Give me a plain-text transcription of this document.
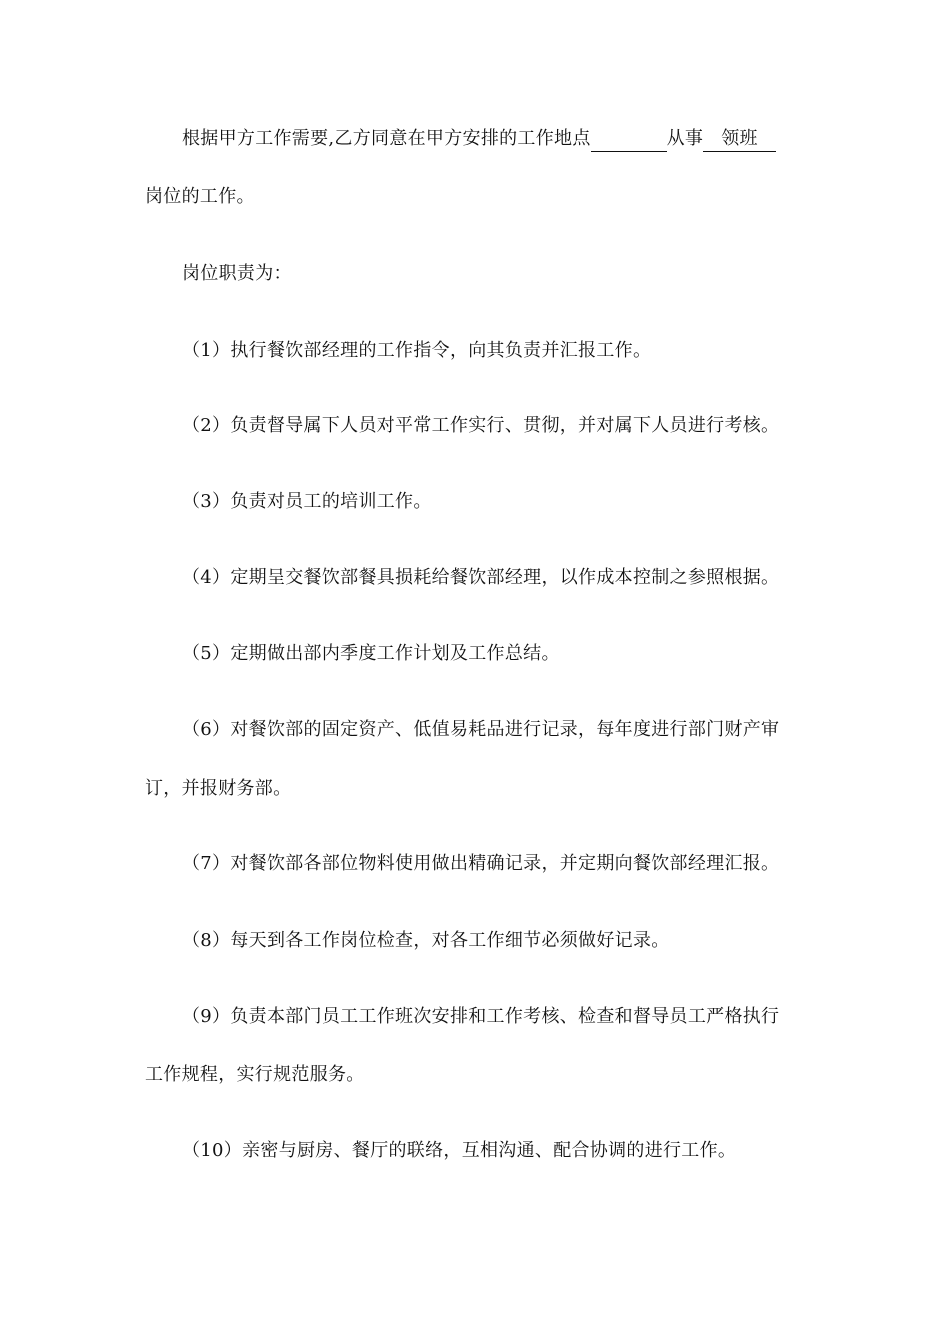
根据甲方工作需要,乙方同意在甲方安排的工作地点	从事 领班
岗位的工作。
岗位职责为：
（1）执行餐饮部经理的工作指令，向其负责并汇报工作。
（2）负责督导属下人员对平常工作实行、贯彻，并对属下人员进行考核。
（3）负责对员工的培训工作。
（4）定期呈交餐饮部餐具损耗给餐饮部经理，以作成本控制之参照根据。
（5）定期做出部内季度工作计划及工作总结。
（6）对餐饮部的固定资产、低值易耗品进行记录，每年度进行部门财产审
订，并报财务部。
（7）对餐饮部各部位物料使用做出精确记录，并定期向餐饮部经理汇报。
（8）每天到各工作岗位检查，对各工作细节必须做好记录。
（9）负责本部门员工工作班次安排和工作考核、检查和督导员工严格执行
工作规程，实行规范服务。
（10）亲密与厨房、餐厅的联络，互相沟通、配合协调的进行工作。
